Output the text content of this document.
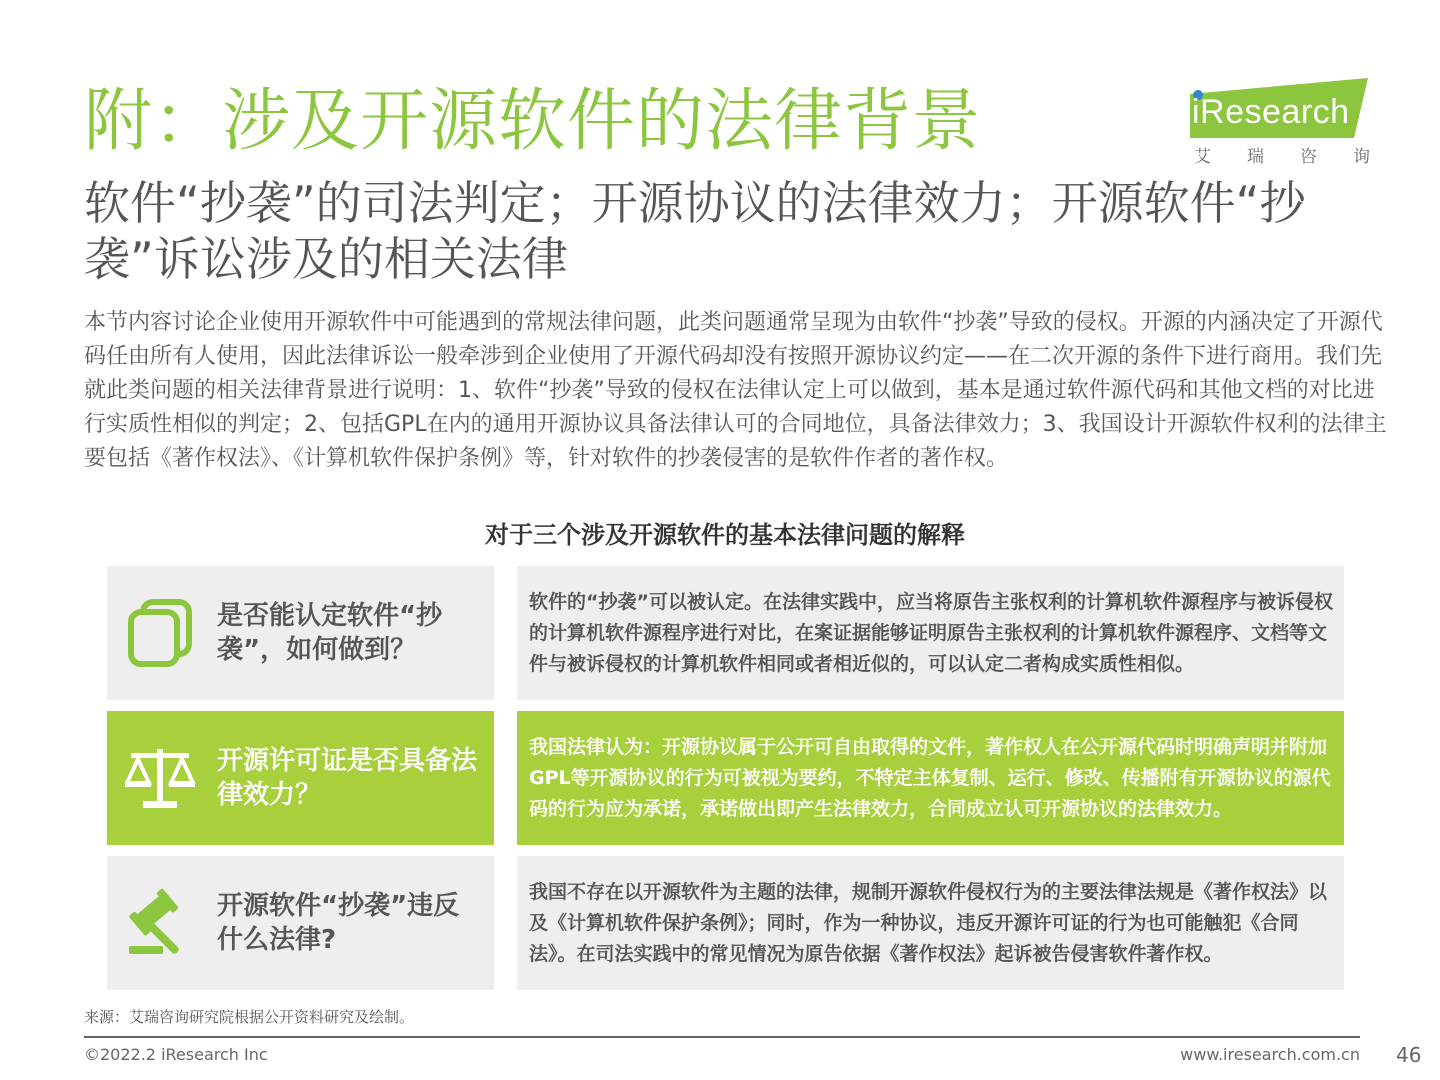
附：涉及开源软件的法律背景	iResearch
艾 瑞 咨 询
软件“抄袭”的司法判定；开源协议的法律效力；开源软件“抄袭”诉讼涉及的相关法律

本节内容讨论企业使用开源软件中可能遇到的常规法律问题，此类问题通常呈现为由软件“抄袭”导致的侵权。开源的内涵决定了开源代码任由所有人使用，因此法律诉讼一般牵涉到企业使用了开源代码却没有按照开源协议约定——在二次开源的条件下进行商用。我们先就此类问题的相关法律背景进行说明：1、软件“抄袭”导致的侵权在法律认定上可以做到，基本是通过软件源代码和其他文档的对比进行实质性相似的判定；2、包括GPL在内的通用开源协议具备法律认可的合同地位，具备法律效力；3、我国设计开源软件权利的法律主要包括《著作权法》、《计算机软件保护条例》等，针对软件的抄袭侵害的是软件作者的著作权。

对于三个涉及开源软件的基本法律问题的解释
是否能认定软件“抄袭”，如何做到？
软件的“抄袭”可以被认定。在法律实践中，应当将原告主张权利的计算机软件源程序与被诉侵权的计算机软件源程序进行对比，在案证据能够证明原告主张权利的计算机软件源程序、文档等文件与被诉侵权的计算机软件相同或者相近似的，可以认定二者构成实质性相似。
开源许可证是否具备法律效力？
我国法律认为：开源协议属于公开可自由取得的文件，著作权人在公开源代码时明确声明并附加GPL等开源协议的行为可被视为要约，不特定主体复制、运行、修改、传播附有开源协议的源代码的行为应为承诺，承诺做出即产生法律效力，合同成立认可开源协议的法律效力。
开源软件“抄袭”违反什么法律?
我国不存在以开源软件为主题的法律，规制开源软件侵权行为的主要法律法规是《著作权法》以及《计算机软件保护条例》；同时，作为一种协议，违反开源许可证的行为也可能触犯《合同法》。在司法实践中的常见情况为原告依据《著作权法》起诉被告侵害软件著作权。

来源：艾瑞咨询研究院根据公开资料研究及绘制。

©2022.2 iResearch Inc	www.iresearch.com.cn 46
